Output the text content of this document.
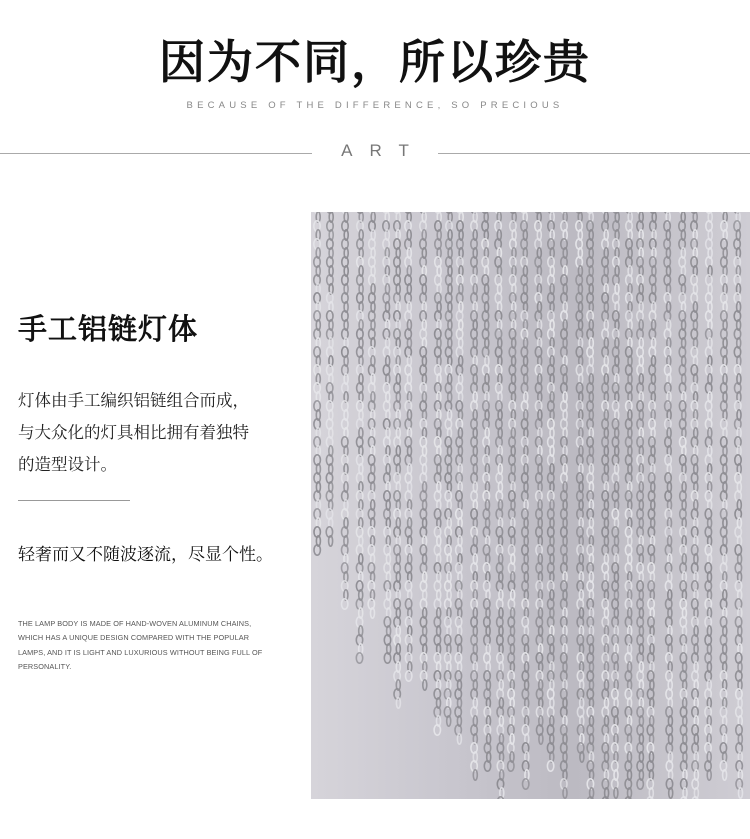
因为不同，所以珍贵
BECAUSE OF THE DIFFERENCE, SO PRECIOUS
ART
手工铝链灯体
灯体由手工编织铝链组合而成，
与大众化的灯具相比拥有着独特
的造型设计。
轻奢而又不随波逐流，尽显个性。
THE LAMP BODY IS MADE OF HAND-WOVEN ALUMINUM CHAINS,
WHICH HAS A UNIQUE DESIGN COMPARED WITH THE POPULAR
LAMPS, AND IT IS LIGHT AND LUXURIOUS WITHOUT BEING FULL OF
PERSONALITY.
